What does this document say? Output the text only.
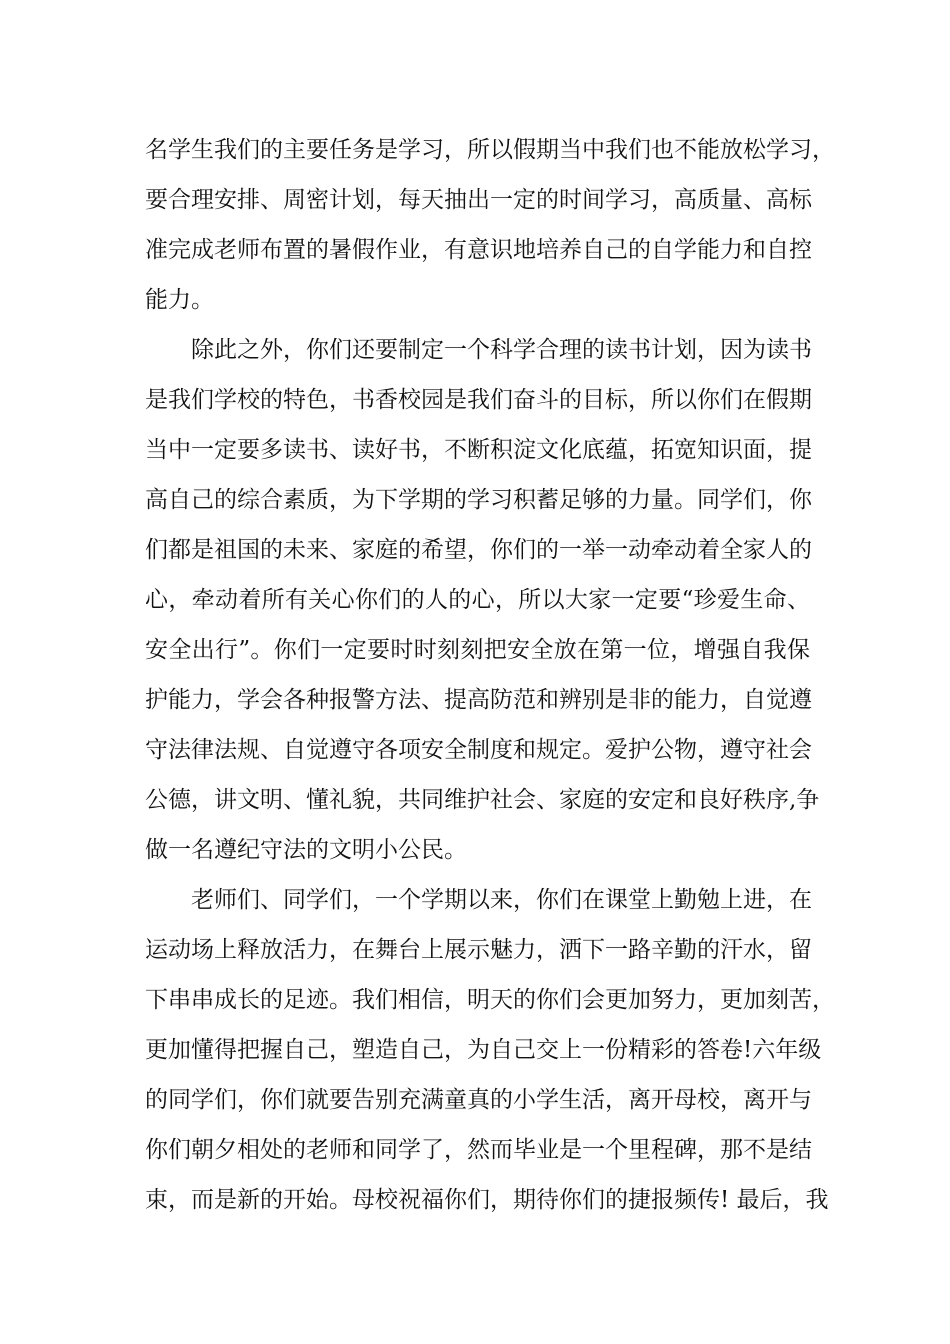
名学生我们的主要任务是学习，所以假期当中我们也不能放松学习，
要合理安排、周密计划，每天抽出一定的时间学习，高质量、高标
准完成老师布置的暑假作业，有意识地培养自己的自学能力和自控
能力。
除此之外，你们还要制定一个科学合理的读书计划，因为读书
是我们学校的特色，书香校园是我们奋斗的目标，所以你们在假期
当中一定要多读书、读好书，不断积淀文化底蕴，拓宽知识面，提
高自己的综合素质，为下学期的学习积蓄足够的力量。同学们，你
们都是祖国的未来、家庭的希望，你们的一举一动牵动着全家人的
心，牵动着所有关心你们的人的心，所以大家一定要“珍爱生命、
安全出行”。你们一定要时时刻刻把安全放在第一位，增强自我保
护能力，学会各种报警方法、提高防范和辨别是非的能力，自觉遵
守法律法规、自觉遵守各项安全制度和规定。爱护公物，遵守社会
公德，讲文明、懂礼貌，共同维护社会、家庭的安定和良好秩序,争
做一名遵纪守法的文明小公民。
老师们、同学们，一个学期以来，你们在课堂上勤勉上进，在
运动场上释放活力，在舞台上展示魅力，洒下一路辛勤的汗水，留
下串串成长的足迹。我们相信，明天的你们会更加努力，更加刻苦，
更加懂得把握自己，塑造自己，为自己交上一份精彩的答卷!六年级
的同学们，你们就要告别充满童真的小学生活，离开母校，离开与
你们朝夕相处的老师和同学了，然而毕业是一个里程碑，那不是结
束，而是新的开始。母校祝福你们，期待你们的捷报频传! 最后，我
